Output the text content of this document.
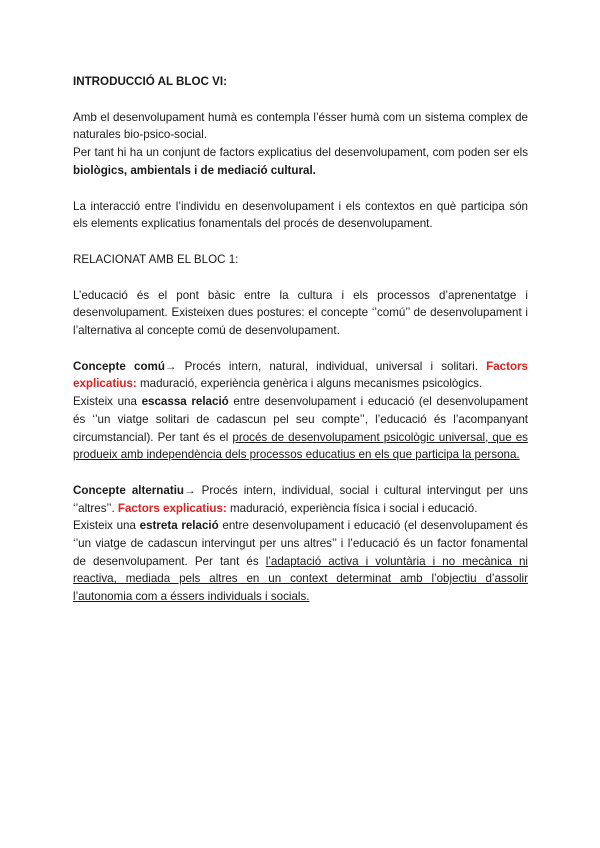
INTRODUCCIÓ AL BLOC VI:

Amb el desenvolupament humà es contempla l’ésser humà com un sistema complex de naturales bio-psico-social.

Per tant hi ha un conjunt de factors explicatius del desenvolupament, com poden ser els biològics, ambientals i de mediació cultural.

La interacció entre l’individu en desenvolupament i els contextos en què participa són els elements explicatius fonamentals del procés de desenvolupament.

RELACIONAT AMB EL BLOC 1:

L’educació és el pont bàsic entre la cultura i els processos d’aprenentatge i desenvolupament. Existeixen dues postures: el concepte ‘’comú’’ de desenvolupament i l’alternativa al concepte comú de desenvolupament.

Concepte comú→ Procés intern, natural, individual, universal i solitari. Factors explicatius: maduració, experiència genèrica i alguns mecanismes psicològics.

Existeix una escassa relació entre desenvolupament i educació (el desenvolupament és ‘’un viatge solitari de cadascun pel seu compte’’, l’educació és l’acompanyant circumstancial). Per tant és el procés de desenvolupament psicològic universal, que es produeix amb independència dels processos educatius en els que participa la persona.

Concepte alternatiu→ Procés intern, individual, social i cultural intervingut per uns ‘’altres’’. Factors explicatius: maduració, experiència física i social i educació.

Existeix una estreta relació entre desenvolupament i educació (el desenvolupament és ‘’un viatge de cadascun intervingut per uns altres’’ i l’educació és un factor fonamental de desenvolupament. Per tant és l’adaptació activa i voluntària i no mecànica ni reactiva, mediada pels altres en un context determinat amb l’objectiu d’assolir l’autonomia com a éssers individuals i socials.
